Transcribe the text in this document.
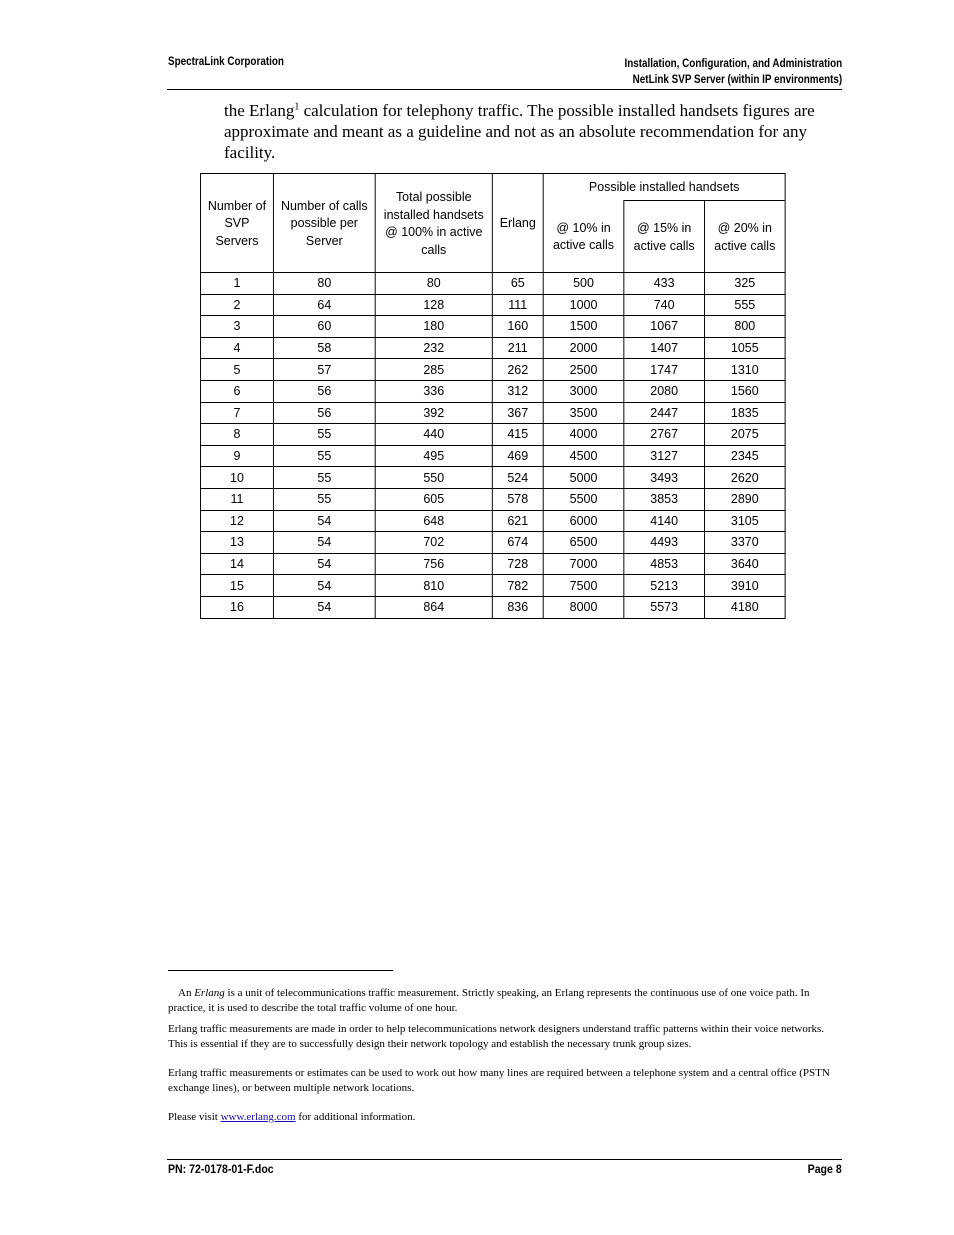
SpectraLink Corporation	Installation, Configuration, and Administration
NetLink SVP Server (within IP environments)
the Erlang$^1$ calculation for telephony traffic. The possible installed handsets figures are approximate and meant as a guideline and not as an absolute recommendation for any facility.
Number of SVP Servers	Number of calls possible per Server	Total possible installed handsets @ 100% in active calls	Erlang	Possible installed handsets		
				@ 10% in active calls	@ 15% in active calls	@ 20% in active calls
1	80	80	65	500	433	325
2	64	128	111	1000	740	555
3	60	180	160	1500	1067	800
4	58	232	211	2000	1407	1055
5	57	285	262	2500	1747	1310
6	56	336	312	3000	2080	1560
7	56	392	367	3500	2447	1835
8	55	440	415	4000	2767	2075
9	55	495	469	4500	3127	2345
10	55	550	524	5000	3493	2620
11	55	605	578	5500	3853	2890
12	54	648	621	6000	4140	3105
13	54	702	674	6500	4493	3370
14	54	756	728	7000	4853	3640
15	54	810	782	7500	5213	3910
16	54	864	836	8000	5573	4180

An Erlang is a unit of telecommunications traffic measurement. Strictly speaking, an Erlang represents the continuous use of one voice path. In practice, it is used to describe the total traffic volume of one hour.

Erlang traffic measurements are made in order to help telecommunications network designers understand traffic patterns within their voice networks. This is essential if they are to successfully design their network topology and establish the necessary trunk group sizes.

Erlang traffic measurements or estimates can be used to work out how many lines are required between a telephone system and a central office (PSTN exchange lines), or between multiple network locations.

Please visit www.erlang.com for additional information.

PN: 72-0178-01-F.doc	Page 8
